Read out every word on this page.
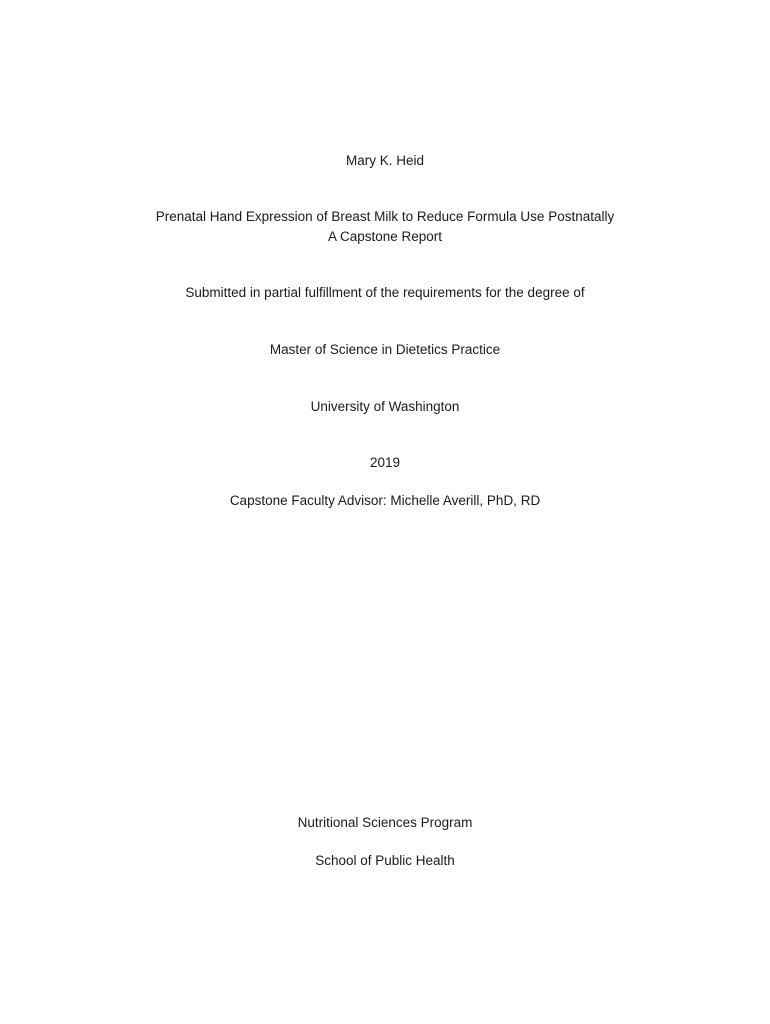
Mary K. Heid
Prenatal Hand Expression of Breast Milk to Reduce Formula Use Postnatally
A Capstone Report
Submitted in partial fulfillment of the requirements for the degree of
Master of Science in Dietetics Practice
University of Washington
2019
Capstone Faculty Advisor: Michelle Averill, PhD, RD
Nutritional Sciences Program
School of Public Health
